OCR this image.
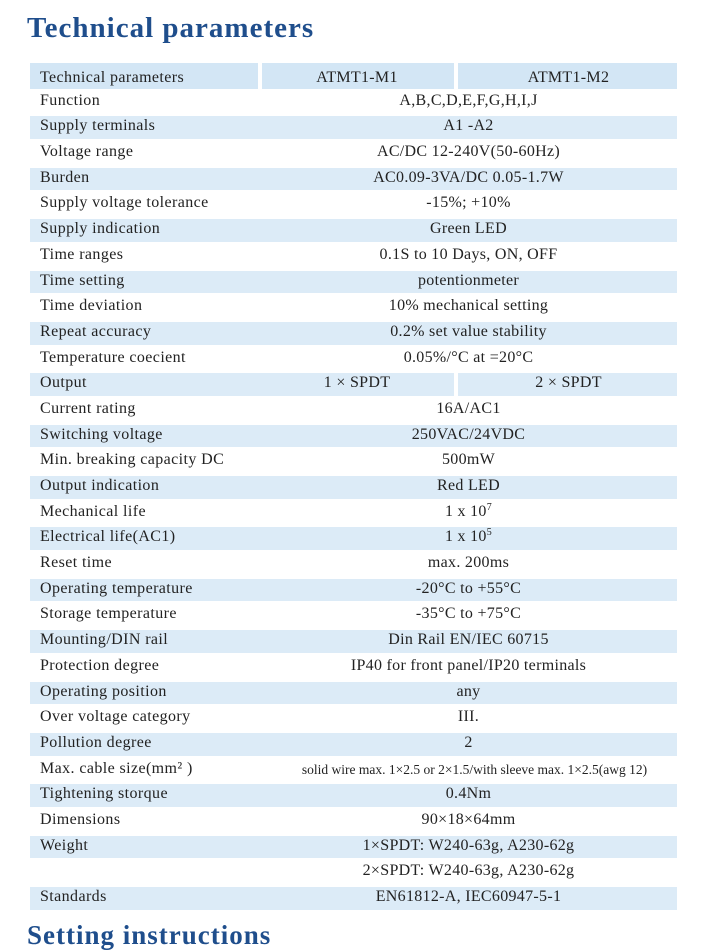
Technical parameters
Technical parameters	ATMT1-M1	ATMT1-M2
Function	A,B,C,D,E,F,G,H,I,J
Supply terminals	A1 -A2
Voltage range	AC/DC 12-240V(50-60Hz)
Burden	AC0.09-3VA/DC 0.05-1.7W
Supply voltage tolerance	-15%; +10%
Supply indication	Green LED
Time ranges	0.1S to 10 Days, ON, OFF
Time setting	potentionmeter
Time deviation	10% mechanical setting
Repeat accuracy	0.2% set value stability
Temperature coecient	0.05%/°C at =20°C
Output	1 × SPDT	2 × SPDT
Current rating	16A/AC1
Switching voltage	250VAC/24VDC
Min. breaking capacity DC	500mW
Output indication	Red LED
Mechanical life	1 x $10^7$
Electrical life(AC1)	1 x $10^5$
Reset time	max. 200ms
Operating temperature	-20°C to +55°C
Storage temperature	-35°C to +75°C
Mounting/DIN rail	Din Rail EN/IEC 60715
Protection degree	IP40 for front panel/IP20 terminals
Operating position	any
Over voltage category	III.
Pollution degree	2
Max. cable size(mm² )	solid wire max. 1×2.5 or 2×1.5/with sleeve max. 1×2.5(awg 12)
Tightening storque	0.4Nm
Dimensions	90×18×64mm
Weight	1×SPDT: W240-63g, A230-62g
2×SPDT: W240-63g, A230-62g
Standards	EN61812-A, IEC60947-5-1
Setting instructions
